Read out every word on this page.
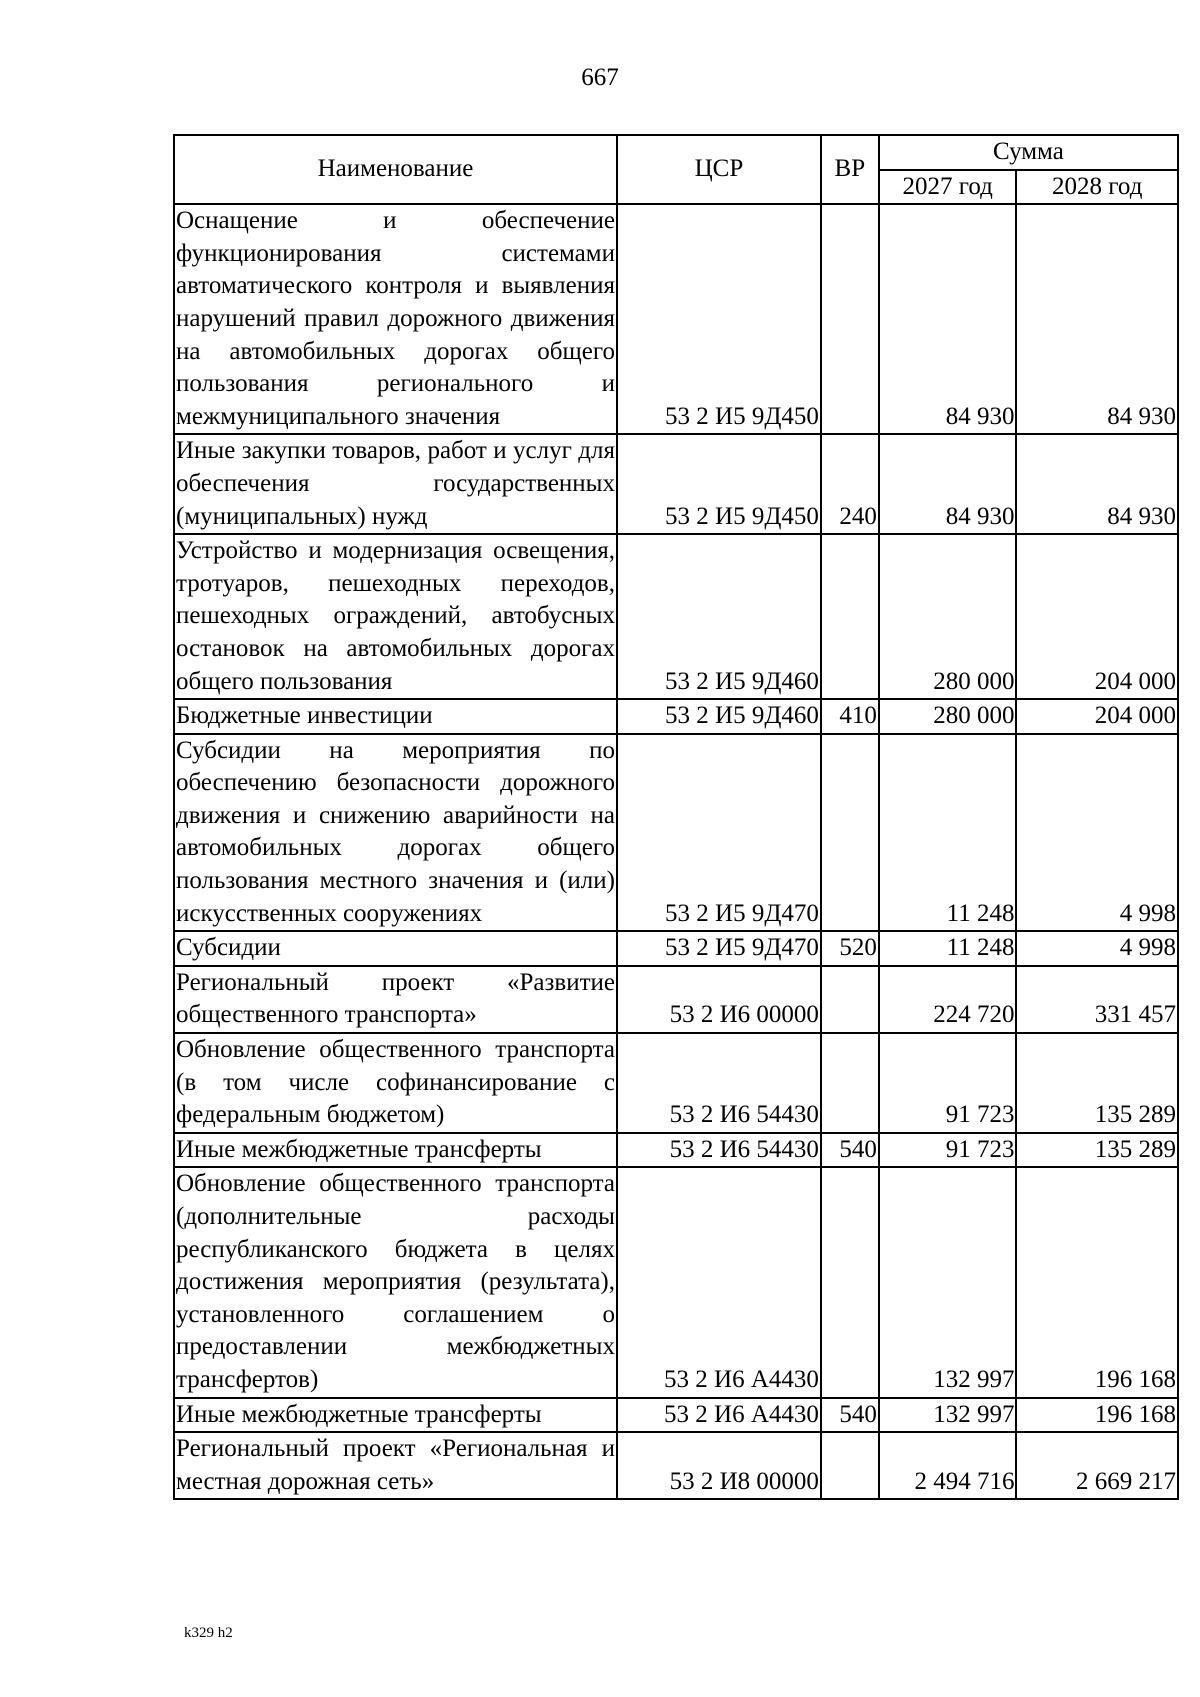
667
Наименование	ЦСР	ВР	Сумма	
			2027 год	2028 год
Оснащение и обеспечение функционирования системами автоматического контроля и выявления нарушений правил дорожного движения на автомобильных дорогах общего пользования регионального и межмуниципального значения	53 2 И5 9Д450		84 930	84 930
Иные закупки товаров, работ и услуг для обеспечения государственных (муниципальных) нужд	53 2 И5 9Д450	240	84 930	84 930
Устройство и модернизация освещения, тротуаров, пешеходных переходов, пешеходных ограждений, автобусных остановок на автомобильных дорогах общего пользования	53 2 И5 9Д460		280 000	204 000
Бюджетные инвестиции	53 2 И5 9Д460	410	280 000	204 000
Субсидии на мероприятия по обеспечению безопасности дорожного движения и снижению аварийности на автомобильных дорогах общего пользования местного значения и (или) искусственных сооружениях	53 2 И5 9Д470		11 248	4 998
Субсидии	53 2 И5 9Д470	520	11 248	4 998
Региональный проект «Развитие общественного транспорта»	53 2 И6 00000		224 720	331 457
Обновление общественного транспорта (в том числе софинансирование с федеральным бюджетом)	53 2 И6 54430		91 723	135 289
Иные межбюджетные трансферты	53 2 И6 54430	540	91 723	135 289
Обновление общественного транспорта (дополнительные расходы республиканского бюджета в целях достижения мероприятия (результата), установленного соглашением о предоставлении межбюджетных трансфертов)	53 2 И6 А4430		132 997	196 168
Иные межбюджетные трансферты	53 2 И6 А4430	540	132 997	196 168
Региональный проект «Региональная и местная дорожная сеть»	53 2 И8 00000		2 494 716	2 669 217
k329 h2
